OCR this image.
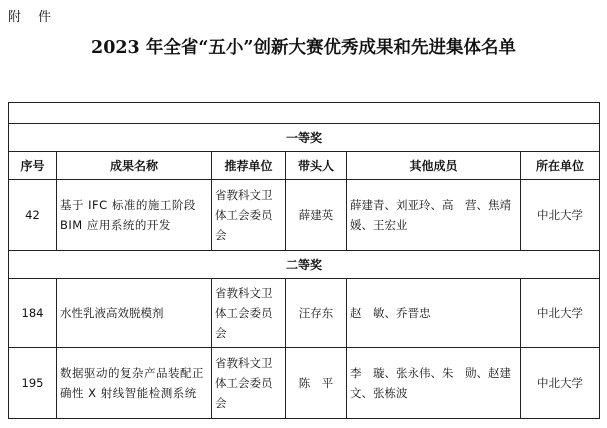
附　件
2023 年全省“五小”创新大赛优秀成果和先进集体名单

一等奖					
序号	成果名称	推荐单位	带头人	其他成员	所在单位
42	基于 IFC 标准的施工阶段 BIM 应用系统的开发	省教科文卫体工会委员会	薛建英	薛建青、刘亚玲、高　营、焦靖媛、王宏业	中北大学
二等奖					
184	水性乳液高效脱模剂	省教科文卫体工会委员会	汪存东	赵　敏、乔晋忠	中北大学
195	数据驱动的复杂产品装配正确性 X 射线智能检测系统	省教科文卫体工会委员会	陈　平	李　璇、张永伟、朱　勋、赵建文、张栋波	中北大学
